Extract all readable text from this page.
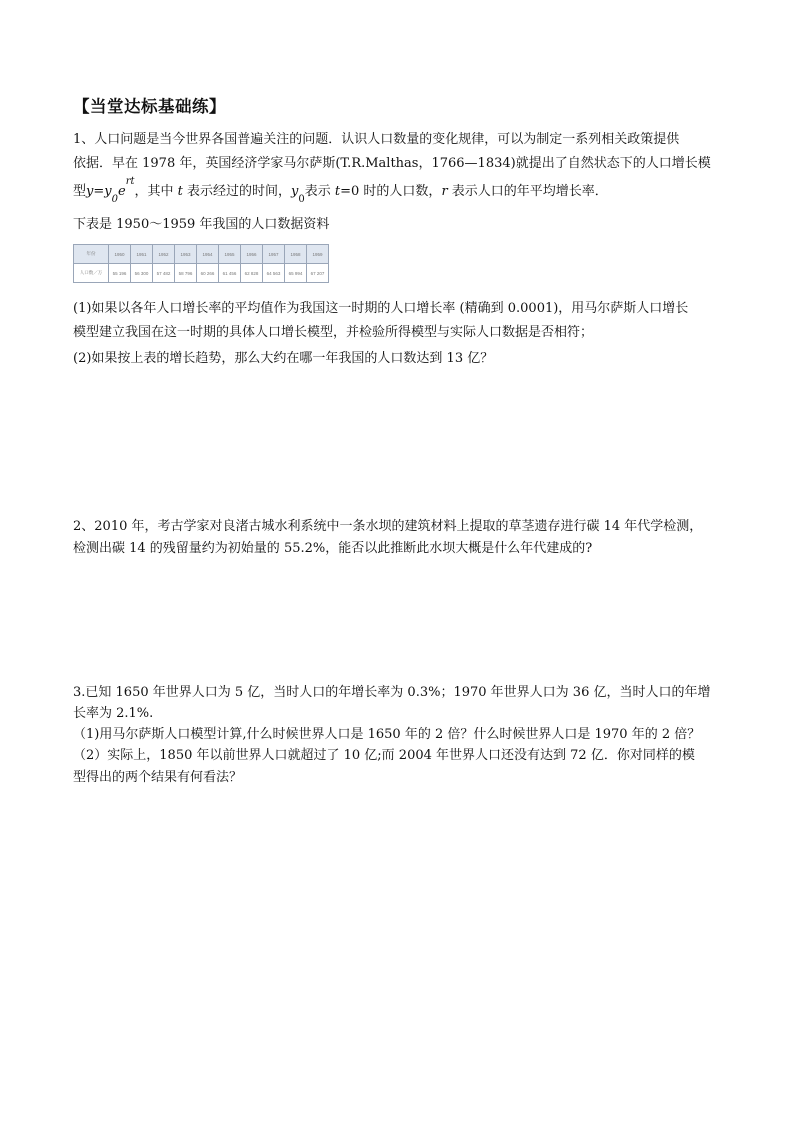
【当堂达标基础练】
1、人口问题是当今世界各国普遍关注的问题．认识人口数量的变化规律，可以为制定一系列相关政策提供
依据．早在 1978 年，英国经济学家马尔萨斯(T.R.Malthas，1766—1834)就提出了自然状态下的人口增长模
型$y=y_0e^{rt}$，其中 t 表示经过的时间，$y_0$表示 t=0 时的人口数，r 表示人口的年平均增长率．
下表是 1950～1959 年我国的人口数据资料
年份	1950	1951	1952	1953	1954	1955	1956	1957	1958	1959
人口数／万	55 196	56 300	57 482	58 796	60 266	61 456	62 828	64 563	65 994	67 207
(1)如果以各年人口增长率的平均值作为我国这一时期的人口增长率 (精确到 0.0001)，用马尔萨斯人口增长
模型建立我国在这一时期的具体人口增长模型，并检验所得模型与实际人口数据是否相符；
(2)如果按上表的增长趋势，那么大约在哪一年我国的人口数达到 13 亿？
2、2010 年，考古学家对良渚古城水利系统中一条水坝的建筑材料上提取的草茎遗存进行碳 14 年代学检测，
检测出碳 14 的残留量约为初始量的 55.2%，能否以此推断此水坝大概是什么年代建成的?
3.已知 1650 年世界人口为 5 亿，当时人口的年增长率为 0.3%；1970 年世界人口为 36 亿，当时人口的年增
长率为 2.1%.
（1)用马尔萨斯人口模型计算,什么时候世界人口是 1650 年的 2 倍？什么时候世界人口是 1970 年的 2 倍？
（2）实际上，1850 年以前世界人口就超过了 10 亿;而 2004 年世界人口还没有达到 72 亿．你对同样的模
型得出的两个结果有何看法？
